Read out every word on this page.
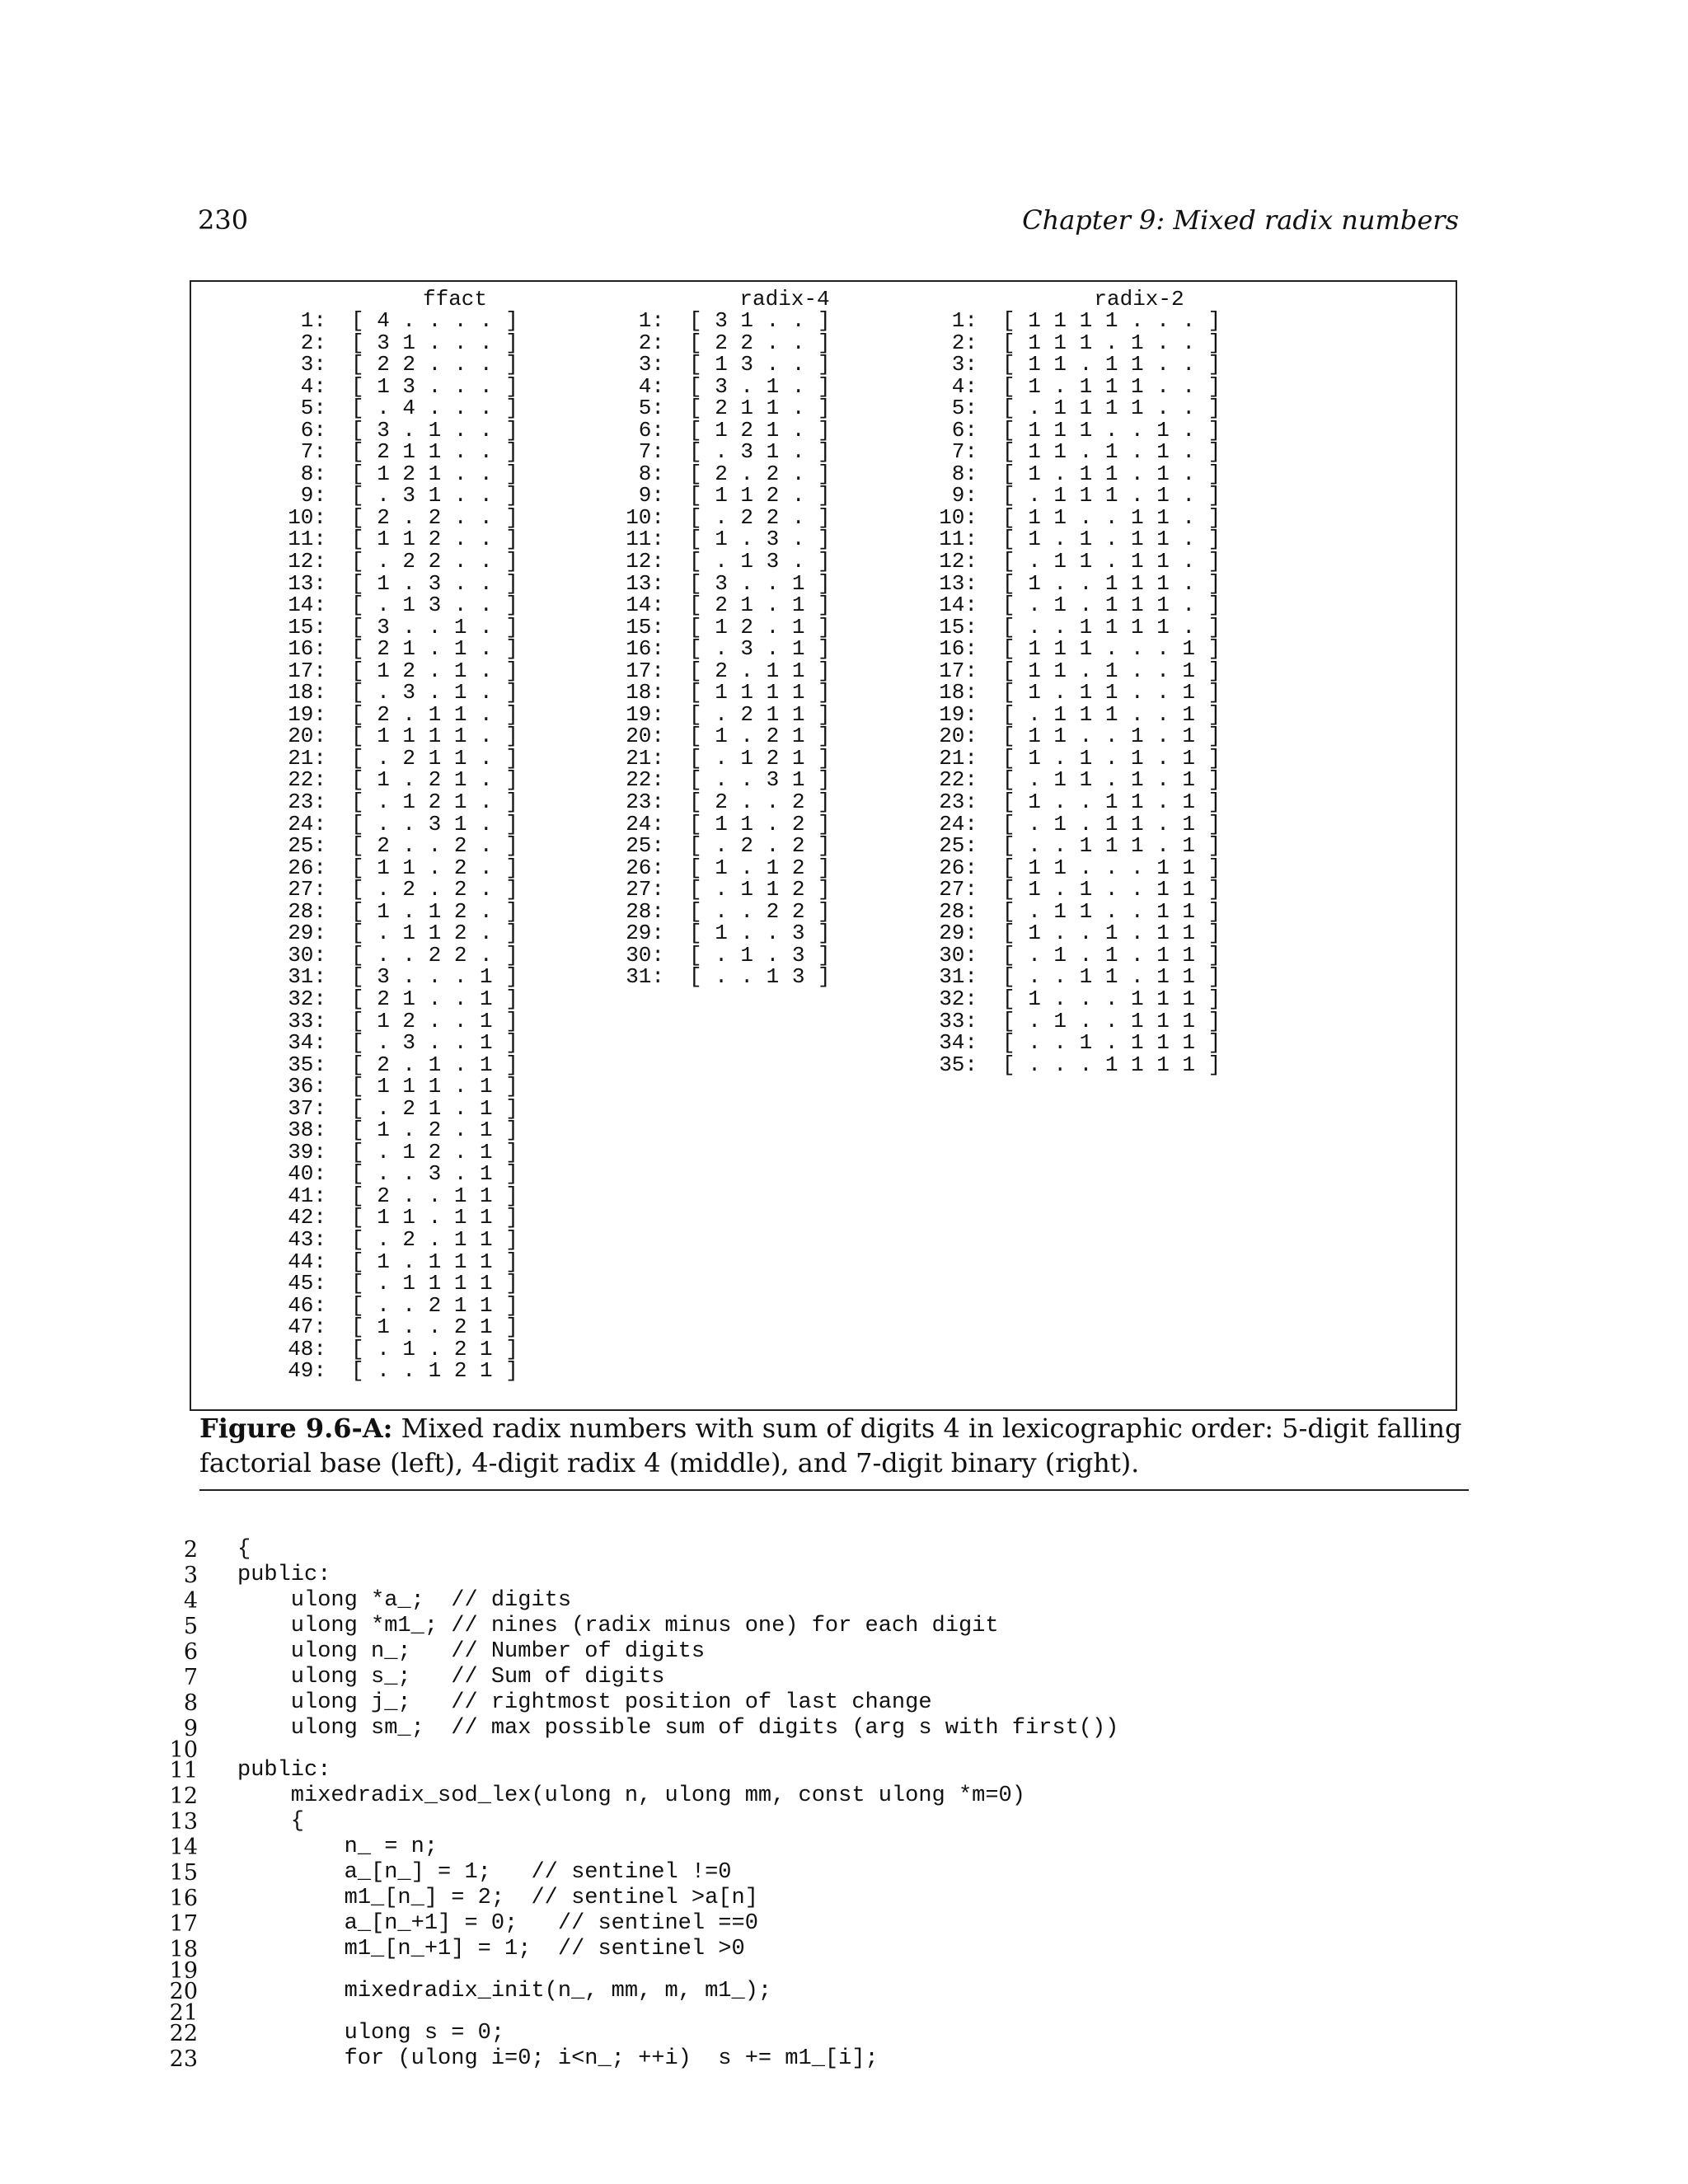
230	Chapter 9: Mixed radix numbers
ffact
1: [ 4 . . . . ]
2: [ 3 1 . . . ]
3: [ 2 2 . . . ]
4: [ 1 3 . . . ]
5: [ . 4 . . . ]
6: [ 3 . 1 . . ]
7: [ 2 1 1 . . ]
8: [ 1 2 1 . . ]
9: [ . 3 1 . . ]
10: [ 2 . 2 . . ]
11: [ 1 1 2 . . ]
12: [ . 2 2 . . ]
13: [ 1 . 3 . . ]
14: [ . 1 3 . . ]
15: [ 3 . . 1 . ]
16: [ 2 1 . 1 . ]
17: [ 1 2 . 1 . ]
18: [ . 3 . 1 . ]
19: [ 2 . 1 1 . ]
20: [ 1 1 1 1 . ]
21: [ . 2 1 1 . ]
22: [ 1 . 2 1 . ]
23: [ . 1 2 1 . ]
24: [ . . 3 1 . ]
25: [ 2 . . 2 . ]
26: [ 1 1 . 2 . ]
27: [ . 2 . 2 . ]
28: [ 1 . 1 2 . ]
29: [ . 1 1 2 . ]
30: [ . . 2 2 . ]
31: [ 3 . . . 1 ]
32: [ 2 1 . . 1 ]
33: [ 1 2 . . 1 ]
34: [ . 3 . . 1 ]
35: [ 2 . 1 . 1 ]
36: [ 1 1 1 . 1 ]
37: [ . 2 1 . 1 ]
38: [ 1 . 2 . 1 ]
39: [ . 1 2 . 1 ]
40: [ . . 3 . 1 ]
41: [ 2 . . 1 1 ]
42: [ 1 1 . 1 1 ]
43: [ . 2 . 1 1 ]
44: [ 1 . 1 1 1 ]
45: [ . 1 1 1 1 ]
46: [ . . 2 1 1 ]
47: [ 1 . . 2 1 ]
48: [ . 1 . 2 1 ]
49: [ . . 1 2 1 ]
radix-4
1: [ 3 1 . . ]
2: [ 2 2 . . ]
3: [ 1 3 . . ]
4: [ 3 . 1 . ]
5: [ 2 1 1 . ]
6: [ 1 2 1 . ]
7: [ . 3 1 . ]
8: [ 2 . 2 . ]
9: [ 1 1 2 . ]
10: [ . 2 2 . ]
11: [ 1 . 3 . ]
12: [ . 1 3 . ]
13: [ 3 . . 1 ]
14: [ 2 1 . 1 ]
15: [ 1 2 . 1 ]
16: [ . 3 . 1 ]
17: [ 2 . 1 1 ]
18: [ 1 1 1 1 ]
19: [ . 2 1 1 ]
20: [ 1 . 2 1 ]
21: [ . 1 2 1 ]
22: [ . . 3 1 ]
23: [ 2 . . 2 ]
24: [ 1 1 . 2 ]
25: [ . 2 . 2 ]
26: [ 1 . 1 2 ]
27: [ . 1 1 2 ]
28: [ . . 2 2 ]
29: [ 1 . . 3 ]
30: [ . 1 . 3 ]
31: [ . . 1 3 ]
radix-2
1: [ 1 1 1 1 . . . ]
2: [ 1 1 1 . 1 . . ]
3: [ 1 1 . 1 1 . . ]
4: [ 1 . 1 1 1 . . ]
5: [ . 1 1 1 1 . . ]
6: [ 1 1 1 . . 1 . ]
7: [ 1 1 . 1 . 1 . ]
8: [ 1 . 1 1 . 1 . ]
9: [ . 1 1 1 . 1 . ]
10: [ 1 1 . . 1 1 . ]
11: [ 1 . 1 . 1 1 . ]
12: [ . 1 1 . 1 1 . ]
13: [ 1 . . 1 1 1 . ]
14: [ . 1 . 1 1 1 . ]
15: [ . . 1 1 1 1 . ]
16: [ 1 1 1 . . . 1 ]
17: [ 1 1 . 1 . . 1 ]
18: [ 1 . 1 1 . . 1 ]
19: [ . 1 1 1 . . 1 ]
20: [ 1 1 . . 1 . 1 ]
21: [ 1 . 1 . 1 . 1 ]
22: [ . 1 1 . 1 . 1 ]
23: [ 1 . . 1 1 . 1 ]
24: [ . 1 . 1 1 . 1 ]
25: [ . . 1 1 1 . 1 ]
26: [ 1 1 . . . 1 1 ]
27: [ 1 . 1 . . 1 1 ]
28: [ . 1 1 . . 1 1 ]
29: [ 1 . . 1 . 1 1 ]
30: [ . 1 . 1 . 1 1 ]
31: [ . . 1 1 . 1 1 ]
32: [ 1 . . . 1 1 1 ]
33: [ . 1 . . 1 1 1 ]
34: [ . . 1 . 1 1 1 ]
35: [ . . . 1 1 1 1 ]
Figure 9.6-A: Mixed radix numbers with sum of digits 4 in lexicographic order: 5-digit falling factorial base (left), 4-digit radix 4 (middle), and 7-digit binary (right).
2 {
3 public:
4 ulong *a_;  // digits
5 ulong *m1_; // nines (radix minus one) for each digit
6 ulong n_;   // Number of digits
7 ulong s_;   // Sum of digits
8 ulong j_;   // rightmost position of last change
9 ulong sm_;  // max possible sum of digits (arg s with first())
10
11 public:
12 mixedradix_sod_lex(ulong n, ulong mm, const ulong *m=0)
13 {
14 n_ = n;
15 a_[n_] = 1;   // sentinel !=0
16 m1_[n_] = 2;  // sentinel >a[n]
17 a_[n_+1] = 0;   // sentinel ==0
18 m1_[n_+1] = 1;  // sentinel >0
19
20 mixedradix_init(n_, mm, m, m1_);
21
22 ulong s = 0;
23 for (ulong i=0; i<n_; ++i)  s += m1_[i];
